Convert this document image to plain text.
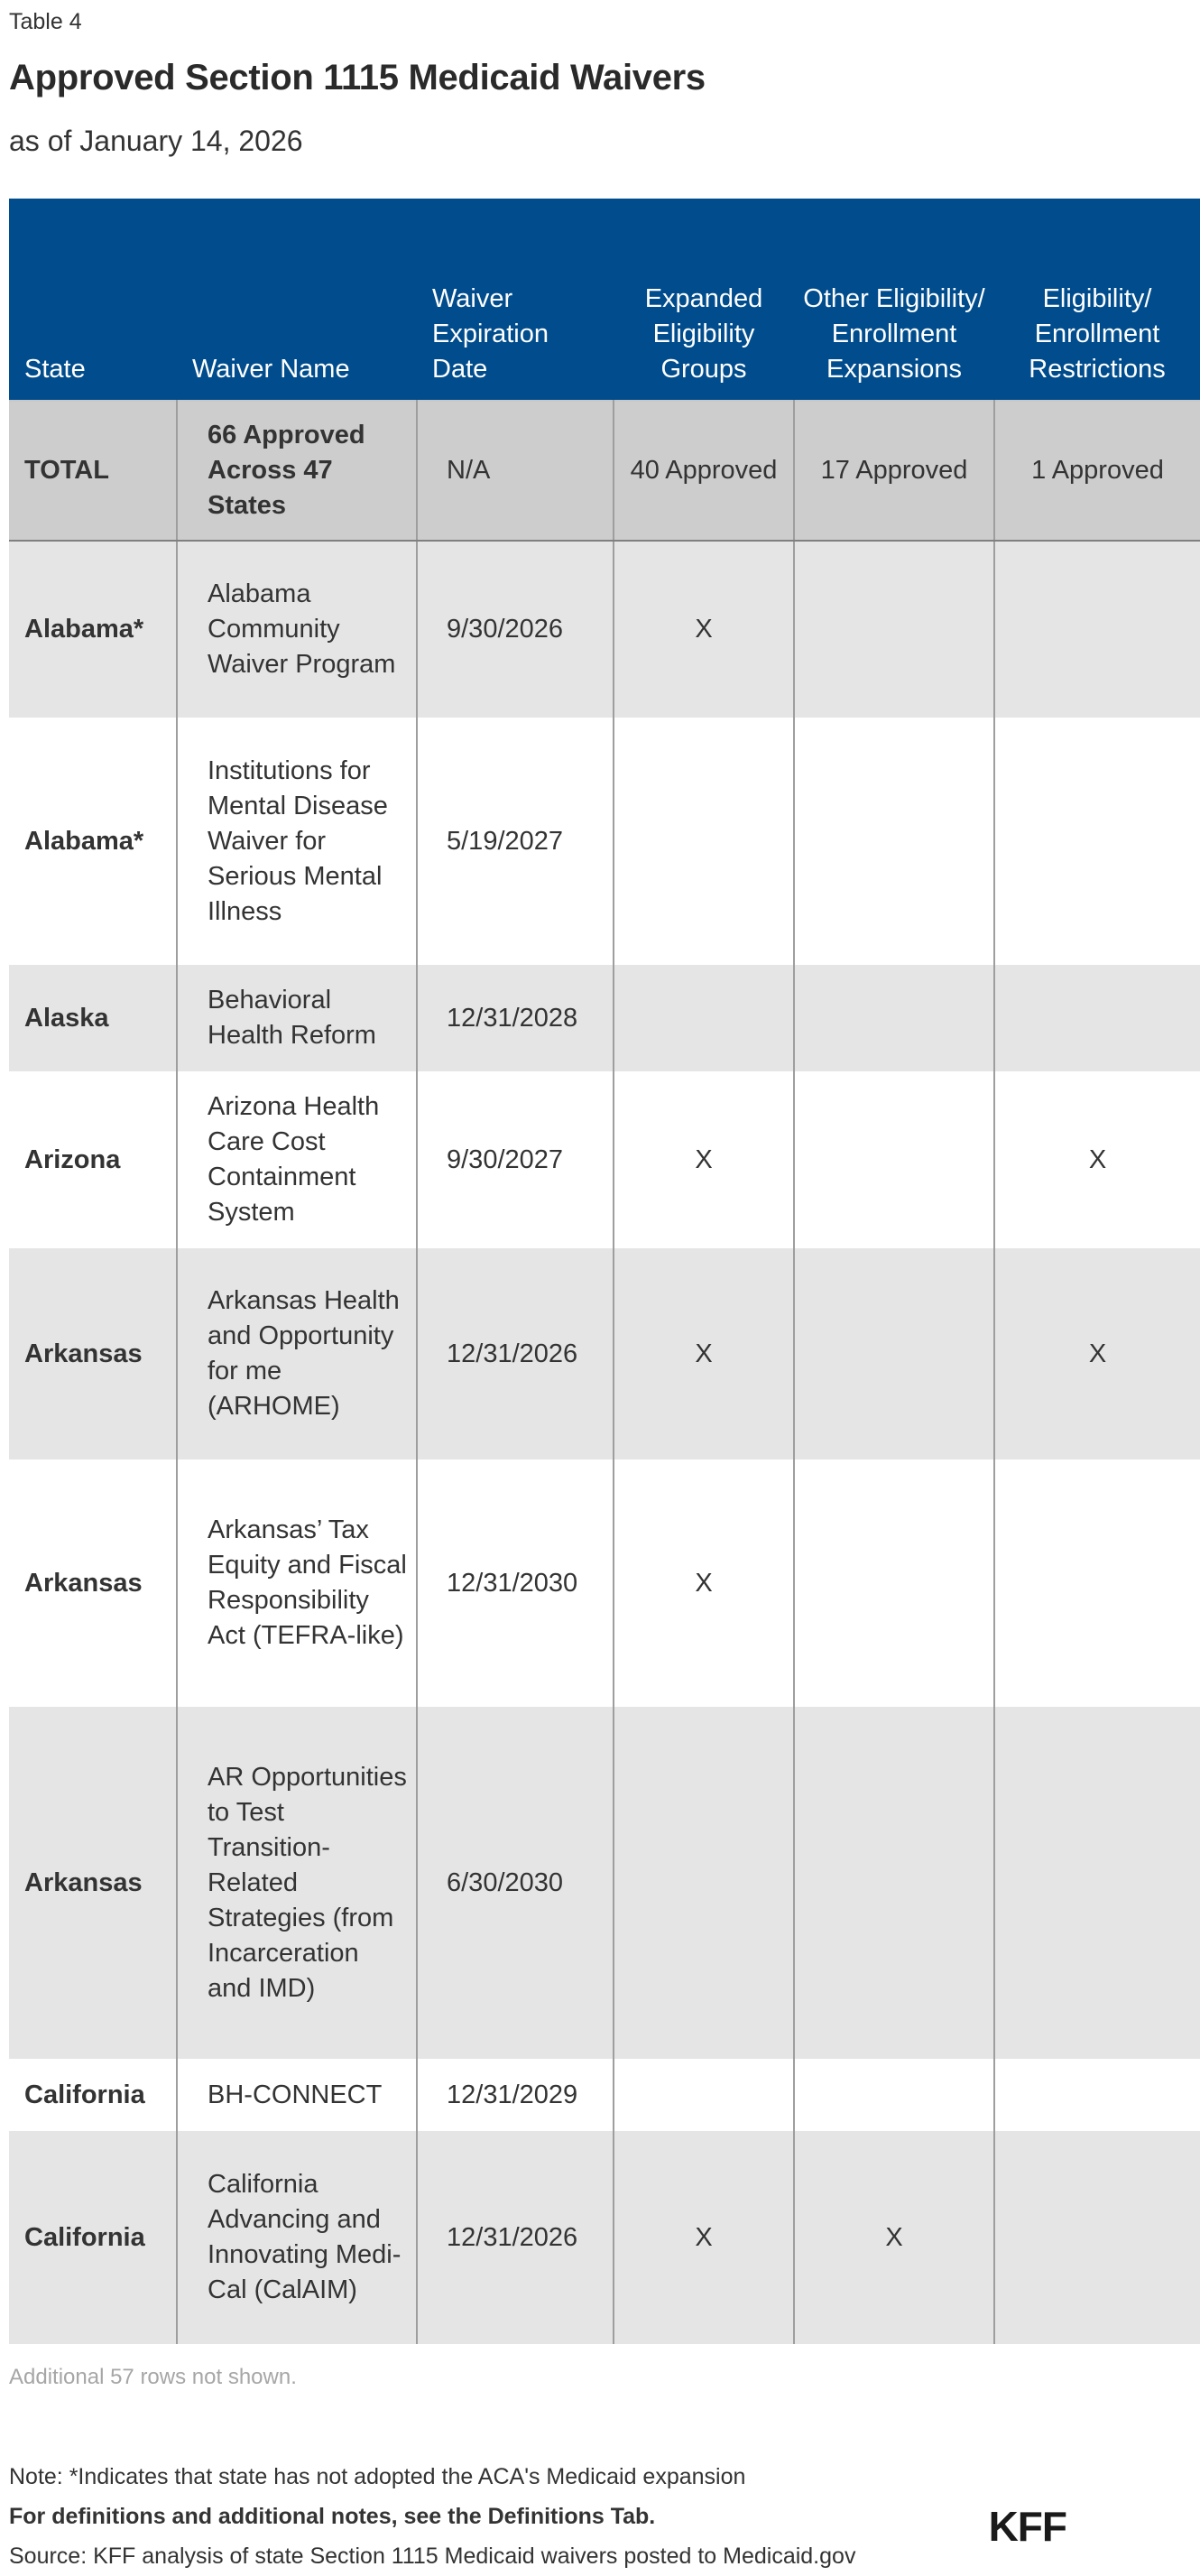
Table 4

Approved Section 1115 Medicaid Waivers

as of January 14, 2026

State	Waiver Name	Waiver Expiration Date	Expanded Eligibility Groups	Other Eligibility/ Enrollment Expansions	Eligibility/ Enrollment Restrictions
TOTAL	66 Approved Across 47 States	N/A	40 Approved	17 Approved	1 Approved
Alabama*	Alabama Community Waiver Program	9/30/2026	X		
Alabama*	Institutions for Mental Disease Waiver for Serious Mental Illness	5/19/2027			
Alaska	Behavioral Health Reform	12/31/2028			
Arizona	Arizona Health Care Cost Containment System	9/30/2027	X		X
Arkansas	Arkansas Health and Opportunity for me (ARHOME)	12/31/2026	X		X
Arkansas	Arkansas’ Tax Equity and Fiscal Responsibility Act (TEFRA-like)	12/31/2030	X		
Arkansas	AR Opportunities to Test Transition-Related Strategies (from Incarceration and IMD)	6/30/2030			
California	BH-CONNECT	12/31/2029			
California	California Advancing and Innovating Medi-Cal (CalAIM)	12/31/2026	X	X	

Additional 57 rows not shown.

Note: *Indicates that state has not adopted the ACA's Medicaid expansion
For definitions and additional notes, see the Definitions Tab.
Source: KFF analysis of state Section 1115 Medicaid waivers posted to Medicaid.gov
KFF
